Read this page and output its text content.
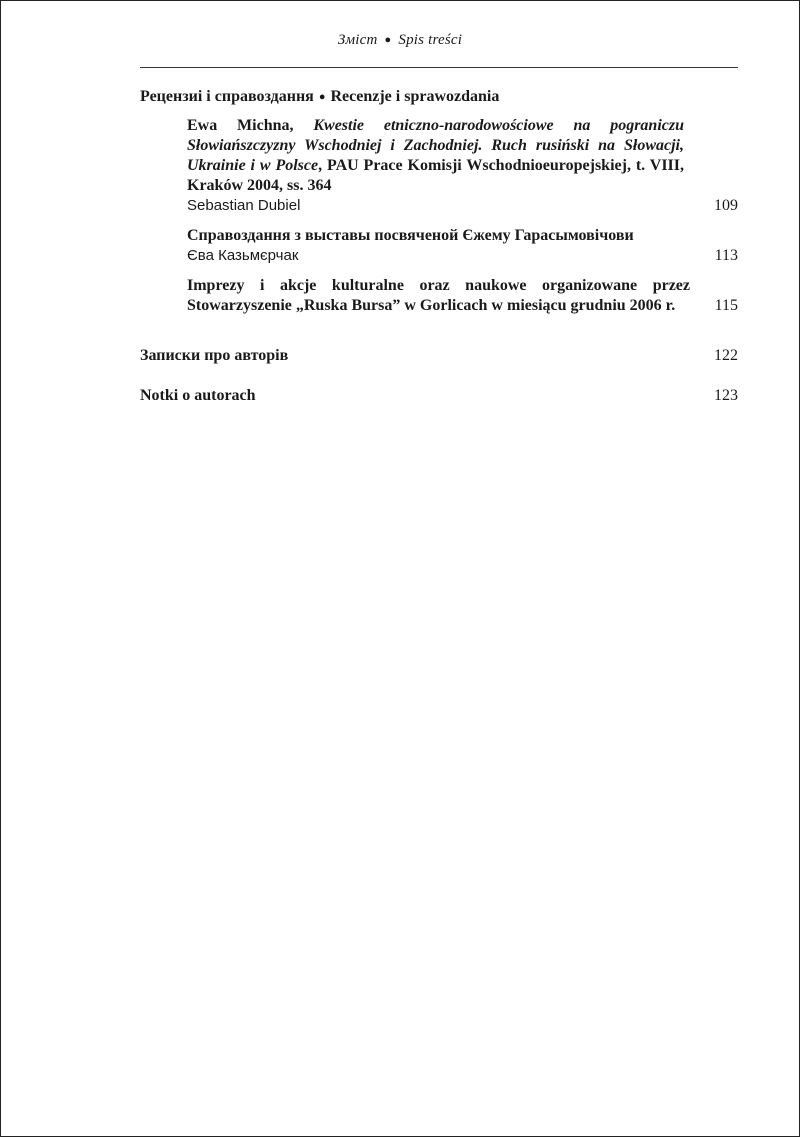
Зміст ● Spis treści
Рецензиі і справоздання ● Recenzje i sprawozdania
Ewa Michna, Kwestie etniczno-narodowościowe na pograniczu Słowiańszczyzny Wschodniej i Zachodniej. Ruch rusiński na Słowacji, Ukrainie i w Polsce, PAU Prace Komisji Wschodnioeuropejskiej, t. VIII, Kraków 2004, ss. 364
Sebastian Dubiel	109
Справоздання з выставы посвяченой Єжему Гарасымовічови
Єва Казьмєрчак	113
Imprezy i akcje kulturalne oraz naukowe organizowane przez Stowarzyszenie „Ruska Bursa” w Gorlicach w miesiącu grudniu 2006 r.	115
Записки про авторів	122
Notki o autorach	123
